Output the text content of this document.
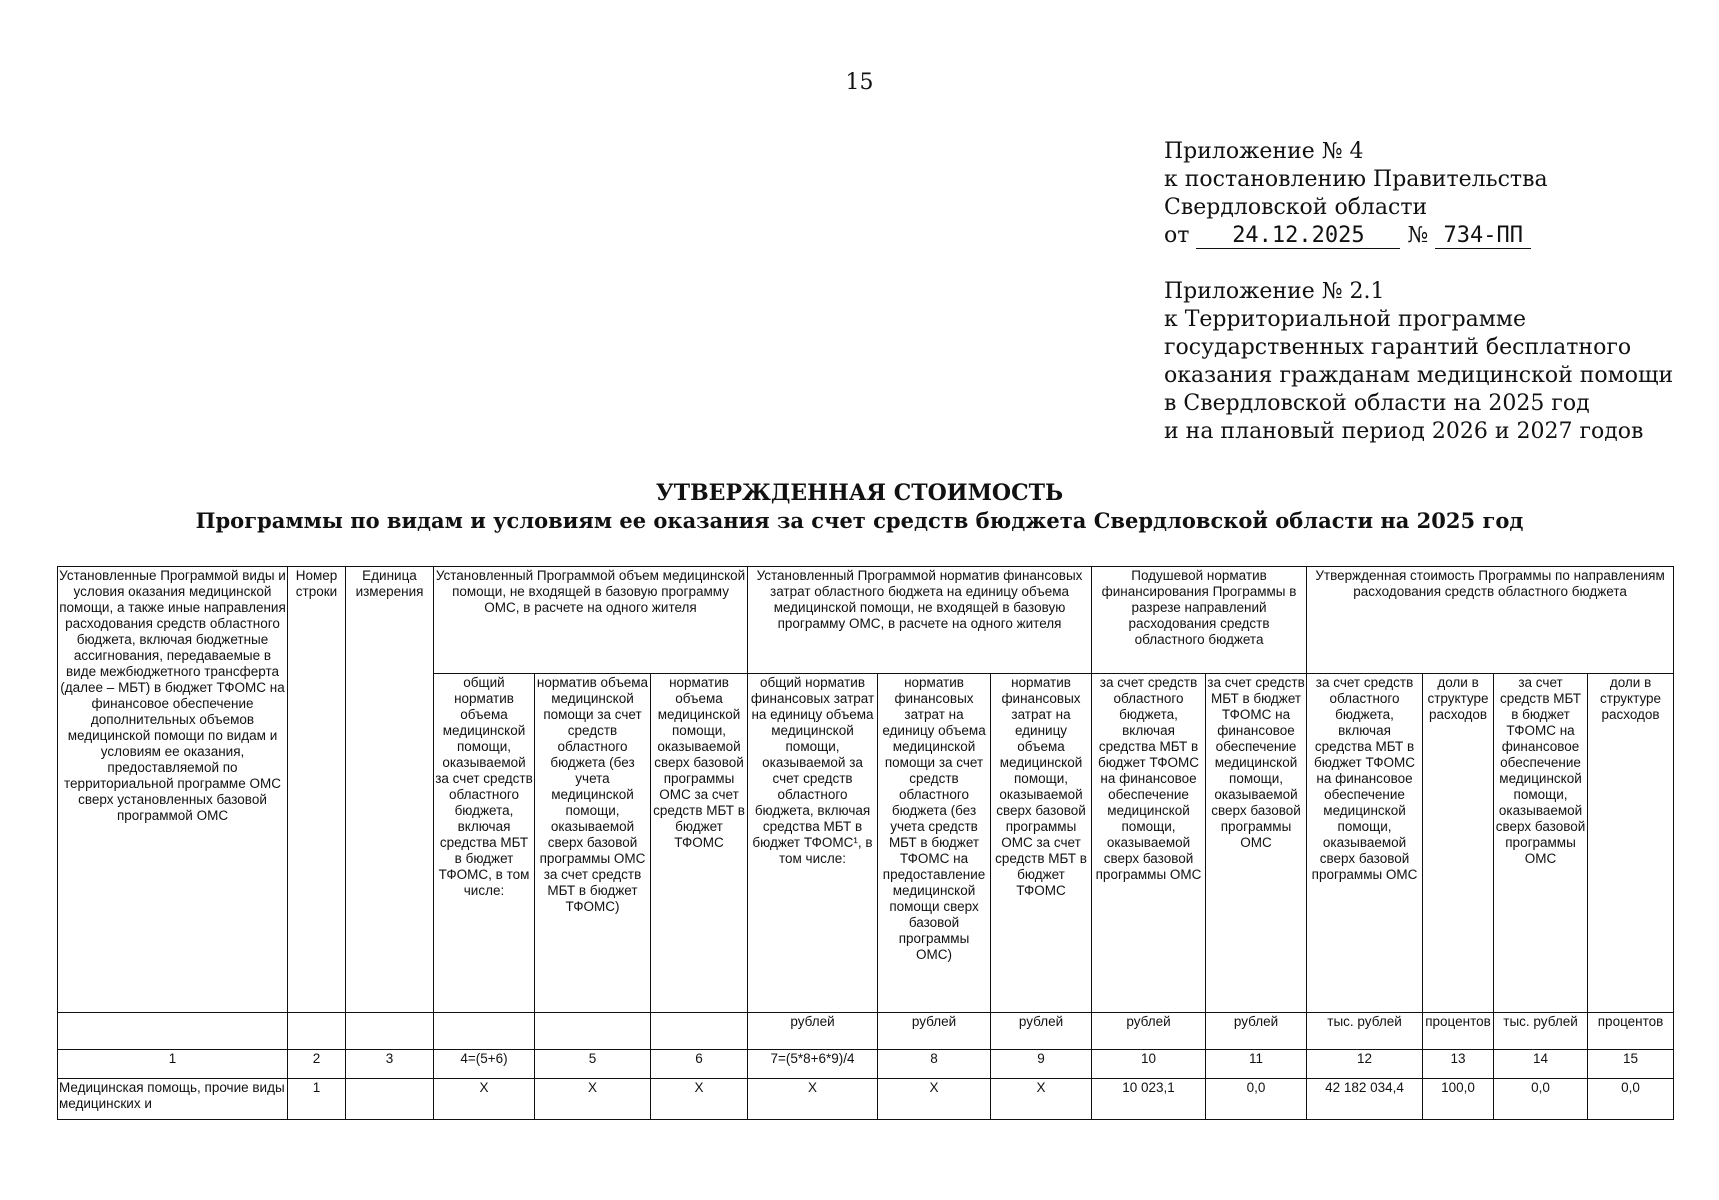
15
Приложение № 4
к постановлению Правительства
Свердловской области
от 24.12.2025 № 734-ПП
Приложение № 2.1
к Территориальной программе
государственных гарантий бесплатного
оказания гражданам медицинской помощи
в Свердловской области на 2025 год
и на плановый период 2026 и 2027 годов
УТВЕРЖДЕННАЯ СТОИМОСТЬ
Программы по видам и условиям ее оказания за счет средств бюджета Свердловской области на 2025 год
Установленные Программой виды и условия оказания медицинской помощи, а также иные направления расходования средств областного бюджета, включая бюджетные ассигнования, передаваемые в виде межбюджетного трансферта (далее – МБТ) в бюджет ТФОМС на финансовое обеспечение дополнительных объемов медицинской помощи по видам и условиям ее оказания, предоставляемой по территориальной программе ОМС сверх установленных базовой программой ОМС	Номер строки	Единица измерения	Установленный Программой объем медицинской помощи, не входящей в базовую программу ОМС, в расчете на одного жителя			Установленный Программой норматив финансовых затрат областного бюджета на единицу объема медицинской помощи, не входящей в базовую программу ОМС, в расчете на одного жителя			Подушевой норматив финансирования Программы в разрезе направлений расходования средств областного бюджета		Утвержденная стоимость Программы по направлениям расходования средств областного бюджета			
			общий норматив объема медицинской помощи, оказываемой за счет средств областного бюджета, включая средства МБТ в бюджет ТФОМС, в том числе:	норматив объема медицинской помощи за счет средств областного бюджета (без учета медицинской помощи, оказываемой сверх базовой программы ОМС за счет средств МБТ в бюджет ТФОМС)	норматив объема медицинской помощи, оказываемой сверх базовой программы ОМС за счет средств МБТ в бюджет ТФОМС	общий норматив финансовых затрат на единицу объема медицинской помощи, оказываемой за счет средств областного бюджета, включая средства МБТ в бюджет ТФОМС¹, в том числе:	норматив финансовых затрат на единицу объема медицинской помощи за счет средств областного бюджета (без учета средств МБТ в бюджет ТФОМС на предоставление медицинской помощи сверх базовой программы ОМС)	норматив финансовых затрат на единицу объема медицинской помощи, оказываемой сверх базовой программы ОМС за счет средств МБТ в бюджет ТФОМС	за счет средств областного бюджета, включая средства МБТ в бюджет ТФОМС на финансовое обеспечение медицинской помощи, оказываемой сверх базовой программы ОМС	за счет средств МБТ в бюджет ТФОМС на финансовое обеспечение медицинской помощи, оказываемой сверх базовой программы ОМС	за счет средств областного бюджета, включая средства МБТ в бюджет ТФОМС на финансовое обеспечение медицинской помощи, оказываемой сверх базовой программы ОМС	доли в структуре расходов	за счет средств МБТ в бюджет ТФОМС на финансовое обеспечение медицинской помощи, оказываемой сверх базовой программы ОМС	доли в структуре расходов
						рублей	рублей	рублей	рублей	рублей	тыс. рублей	процентов	тыс. рублей	процентов
1	2	3	4=(5+6)	5	6	7=(5*8+6*9)/4	8	9	10	11	12	13	14	15
Медицинская помощь, прочие виды медицинских и	1		X	X	X	X	X	X	10 023,1	0,0	42 182 034,4	100,0	0,0	0,0
